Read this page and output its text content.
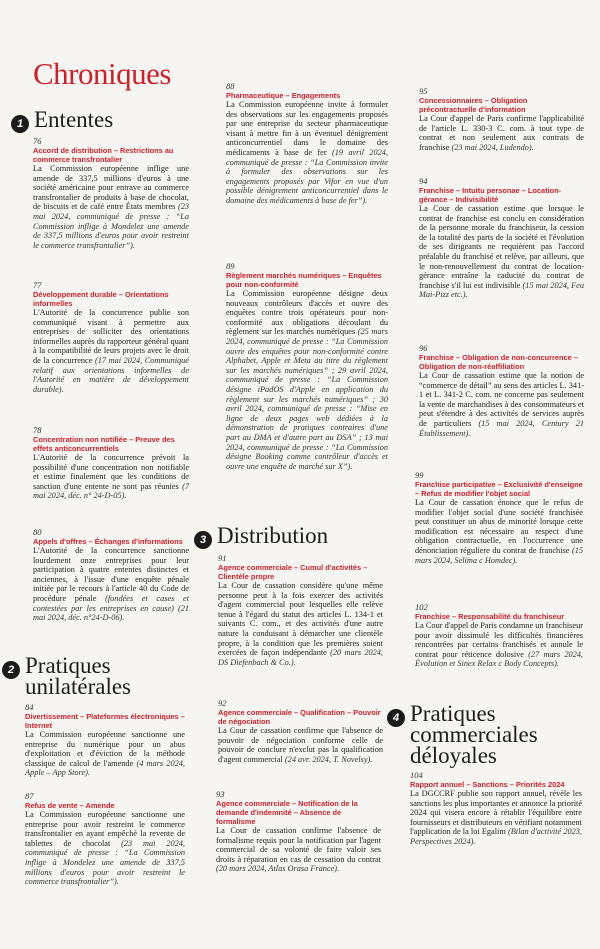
Chroniques
1 Ententes
76
Accord de distribution – Restrictions au commerce transfrontalier
La Commission européenne inflige une amende de 337,5 millions d'euros à une société américaine pour entrave au commerce transfrontalier de produits à base de chocolat, de biscuits et de café entre États membres (23 mai 2024, communiqué de presse : “La Commission inflige à Mondelez une amende de 337,5 millions d'euros pour avoir restreint le commerce transfrontalier”).
77
Développement durable – Orientations informelles
L'Autorité de la concurrence publie son communiqué visant à permettre aux entreprises de solliciter des orientations informelles auprès du rapporteur général quant à la compatibilité de leurs projets avec le droit de la concurrence (17 mai 2024, Communiqué relatif aux orientations informelles de l'Autorité en matière de développement durable).
78
Concentration non notifiée – Preuve des effets anticoncurrentiels
L'Autorité de la concurrence prévoit la possibilité d'une concentration non notifiable et estime finalement que les conditions de sanction d'une entente ne sont pas réunies (7 mai 2024, déc. n° 24-D-05).
80
Appels d'offres – Échanges d'informations
L'Autorité de la concurrence sanctionne lourdement onze entreprises pour leur participation à quatre ententes distinctes et anciennes, à l'issue d'une enquête pénale initiée par le recours à l'article 40 du Code de procédure pénale (fondées et cases et contestées par les entreprises en cause) (21 mai 2024, déc. n°24-D-06).
2 Pratiques unilatérales
84
Divertissement – Plateformes électroniques – Internet
La Commission européenne sanctionne une entreprise du numérique pour un abus d'exploitation et d'éviction de la méthode classique de calcul de l'amende (4 mars 2024, Apple – App Store).
87
Refus de vente – Amende
La Commission européenne sanctionne une entreprise pour avoir restreint le commerce transfrontalier en ayant empêché la revente de tablettes de chocolat (23 mai 2024, communiqué de presse : “La Commission inflige à Mondelez une amende de 337,5 millions d'euros pour avoir restreint le commerce transfrontalier”).
88
Pharmaceutique – Engagements
La Commission européenne invite à formuler des observations sur les engagements proposés par une entreprise du secteur pharmaceutique visant à mettre fin à un éventuel dénigrement anticoncurrentiel dans le domaine des médicaments à base de fer (19 avril 2024, communiqué de presse : “La Commission invite à formuler des observations sur les engagements proposés par Vifor en vue d'un possible dénigrement anticoncurrentiel dans le domaine des médicaments à base de fer”).
89
Règlement marchés numériques – Enquêtes pour non-conformité
La Commission européenne désigne deux nouveaux contrôleurs d'accès et ouvre des enquêtes contre trois opérateurs pour non-conformité aux obligations découlant du règlement sur les marchés numériques (25 mars 2024, communiqué de presse : “La Commission ouvre des enquêtes pour non-conformité contre Alphabet, Apple et Meta au titre du règlement sur les marchés numériques” ; 29 avril 2024, communiqué de presse : “La Commission désigne iPadOS d'Apple en application du règlement sur les marchés numériques” ; 30 avril 2024, communiqué de presse : “Mise en ligne de deux pages web dédiées à la démonstration de pratiques contraires d'une part au DMA et d'autre part au DSA” ; 13 mai 2024, communiqué de presse : “La Commission désigne Booking comme contrôleur d'accès et ouvre une enquête de marché sur X”).
3 Distribution
91
Agence commerciale – Cumul d'activités – Clientèle propre
La Cour de cassation considère qu'une même personne peut à la fois exercer des activités d'agent commercial pour lesquelles elle relève tenue à l'égard du statut des articles L. 134-1 et suivants C. com., et des activités d'une autre nature la conduisant à démarcher une clientèle propre, à la condition que les premières soient exercées de façon indépendante (20 mars 2024, DS Diefenbach & Co.).
92
Agence commerciale – Qualification – Pouvoir de négociation
La Cour de cassation confirme que l'absence de pouvoir de négociation conforme celle de pouvoir de conclure n'exclut pas la qualification d'agent commercial (24 avr. 2024, T. Novelsy).
93
Agence commerciale – Notification de la demande d'indemnité – Absence de formalisme
La Cour de cassation confirme l'absence de formalisme requis pour la notification par l'agent commercial de sa volonté de faire valoir ses droits à réparation en cas de cessation du contrat (20 mars 2024, Atlas Orasa France).
95
Concessionnaires – Obligation précontractuelle d'information
La Cour d'appel de Paris confirme l'applicabilité de l'article L. 330-3 C. com. à tout type de contrat et non seulement aux contrats de franchise (23 mai 2024, Ludendo).
94
Franchise – Intuitu personae – Location-gérance – Indivisibilité
La Cour de cassation estime que lorsque le contrat de franchise est conclu en considération de la personne morale du franchiseur, la cession de la totalité des parts de la société et l'évolution de ses dirigeants ne requièrent pas l'accord préalable du franchisé et relève, par ailleurs, que le non-renouvellement du contrat de location-gérance entraîne la caducité du contrat de franchise s'il lui est indivisible (15 mai 2024, Feu Mai-Pizz etc.).
96
Franchise – Obligation de non-concurrence – Obligation de non-réaffiliation
La Cour de cassation estime que la notion de “commerce de détail” au sens des articles L. 341-1 et L. 341-2 C. com. ne concerne pas seulement la vente de marchandises à des consommateurs et peut s'étendre à des activités de services auprès de particuliers (15 mai 2024, Century 21 Établissement).
99
Franchise participative – Exclusivité d'enseigne – Refus de modifier l'objet social
La Cour de cassation énonce que le refus de modifier l'objet social d'une société franchisée peut constituer un abus de minorité lorsque cette modification est nécessaire au respect d'une obligation contractuelle, en l'occurrence une dénonciation réguliere du contrat de franchise (15 mars 2024, Selima c Homdec).
102
Franchise – Responsabilité du franchiseur
La Cour d'appel de Paris condamne un franchiseur pour avoir dissimulé les difficultés financières rencontrées par certains franchisés et annule le contrat pour réticence dolosive (27 mars 2024, Évolution et Sinex Relax c Body Concepts).
4 Pratiques commerciales déloyales
104
Rapport annuel – Sanctions – Priorités 2024
La DGCCRF publie son rapport annuel, révèle les sanctions les plus importantes et annonce la priorité 2024 qui visera encore à rétablir l'équilibre entre fournisseurs et distributeurs en vérifiant notamment l'application de la loi Egalim (Bilan d'activité 2023, Perspectives 2024).
